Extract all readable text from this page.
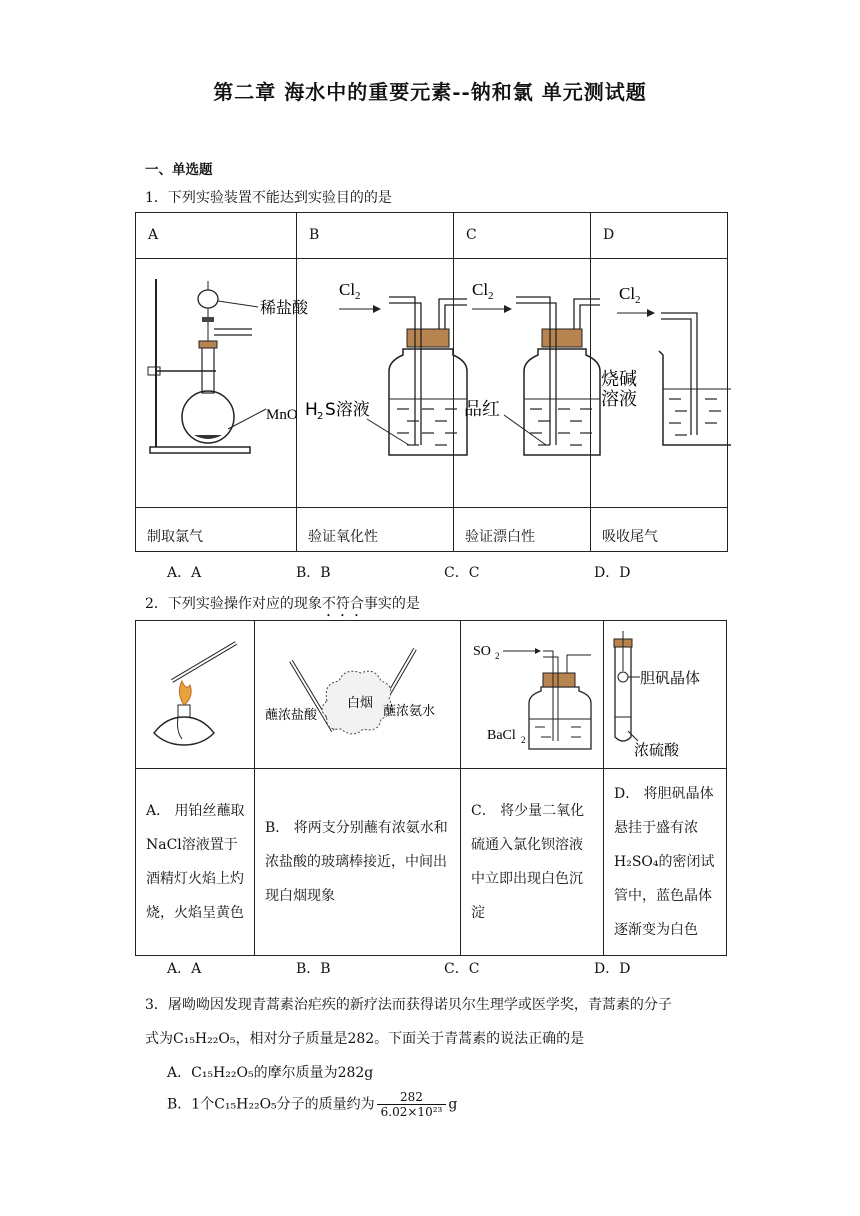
第二章 海水中的重要元素--钠和氯 单元测试题
一、单选题
1．下列实验装置不能达到实验目的的是
A	B	C	D

稀盐酸
MnO	Cl 2
H 2 S溶液	Cl 2
品红	Cl 2
烧碱
溶液

制取氯气	验证氧化性	验证漂白性	吸收尾气
A．A	B．B	C．C	D．D
2．下列实验操作对应的现象不符合事实的是

蘸浓盐酸
白烟
蘸浓氨水	SO 2
BaCl 2	胆矾晶体
浓硫酸

A． 用铂丝蘸取NaCl溶液置于酒精灯火焰上灼烧，火焰呈黄色	B． 将两支分别蘸有浓氨水和浓盐酸的玻璃棒接近，中间出现白烟现象	C． 将少量二氧化硫通入氯化钡溶液中立即出现白色沉淀	D． 将胆矾晶体悬挂于盛有浓H₂SO₄的密闭试管中，蓝色晶体逐渐变为白色
A．A	B．B	C．C	D．D
3．屠呦呦因发现青蒿素治疟疾的新疗法而获得诺贝尔生理学或医学奖，青蒿素的分子
式为C₁₅H₂₂O₅，相对分子质量是282。下面关于青蒿素的说法正确的是
A．C₁₅H₂₂O₅的摩尔质量为282g
B．1个C₁₅H₂₂O₅分子的质量约为 $\frac{282}{\text{6.02×10²³}}$ g
